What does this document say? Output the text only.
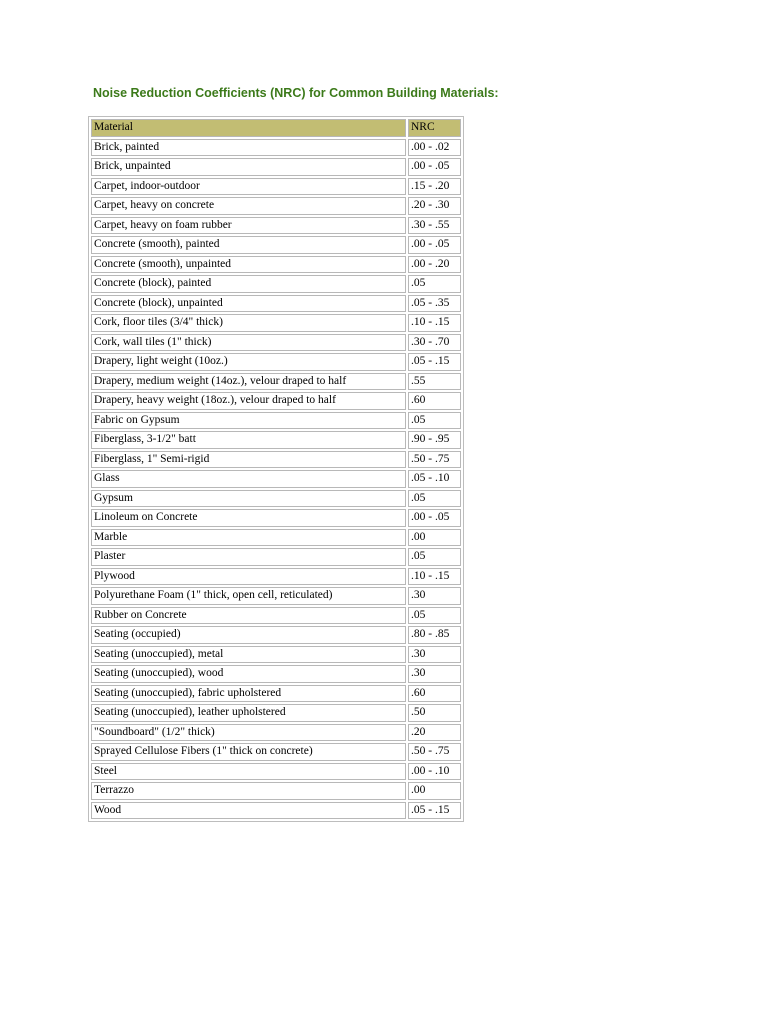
Noise Reduction Coefficients (NRC) for Common Building Materials:
Material	NRC
Brick, painted	.00 - .02
Brick, unpainted	.00 - .05
Carpet, indoor-outdoor	.15 - .20
Carpet, heavy on concrete	.20 - .30
Carpet, heavy on foam rubber	.30 - .55
Concrete (smooth), painted	.00 - .05
Concrete (smooth), unpainted	.00 - .20
Concrete (block), painted	.05
Concrete (block), unpainted	.05 - .35
Cork, floor tiles (3/4" thick)	.10 - .15
Cork, wall tiles (1" thick)	.30 - .70
Drapery, light weight (10oz.)	.05 - .15
Drapery, medium weight (14oz.), velour draped to half	.55
Drapery, heavy weight (18oz.), velour draped to half	.60
Fabric on Gypsum	.05
Fiberglass, 3-1/2" batt	.90 - .95
Fiberglass, 1" Semi-rigid	.50 - .75
Glass	.05 - .10
Gypsum	.05
Linoleum on Concrete	.00 - .05
Marble	.00
Plaster	.05
Plywood	.10 - .15
Polyurethane Foam (1" thick, open cell, reticulated)	.30
Rubber on Concrete	.05
Seating (occupied)	.80 - .85
Seating (unoccupied), metal	.30
Seating (unoccupied), wood	.30
Seating (unoccupied), fabric upholstered	.60
Seating (unoccupied), leather upholstered	.50
"Soundboard" (1/2" thick)	.20
Sprayed Cellulose Fibers (1" thick on concrete)	.50 - .75
Steel	.00 - .10
Terrazzo	.00
Wood	.05 - .15
